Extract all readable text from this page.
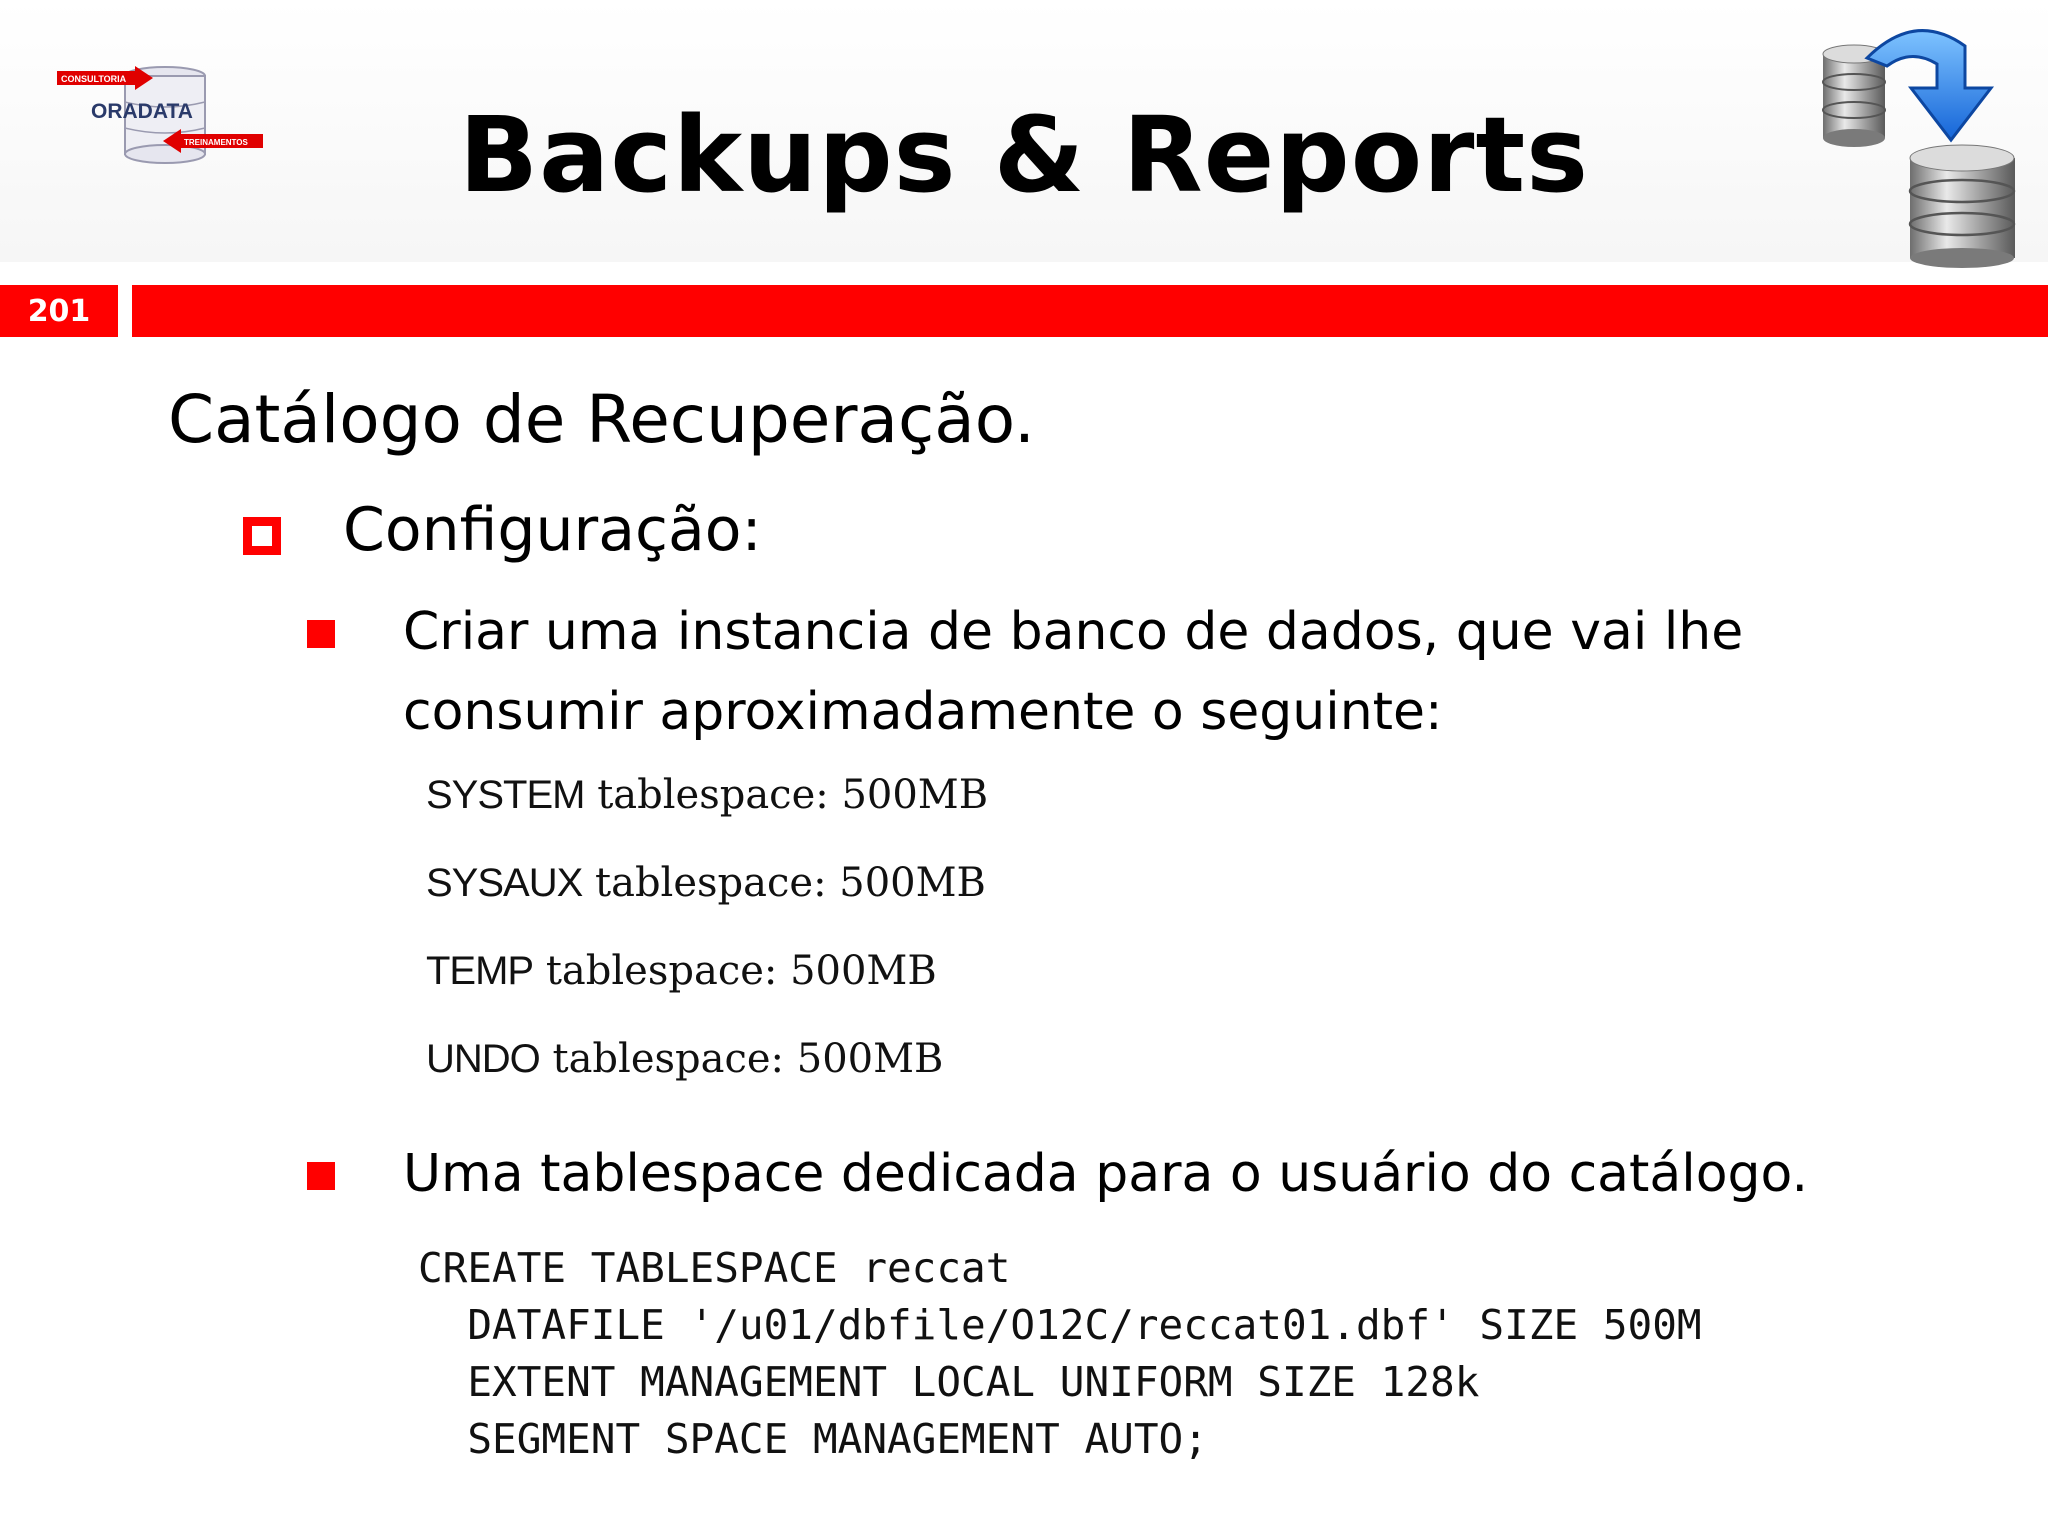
CONSULTORIA
ORADATA
TREINAMENTOS	Backups & Reports
201
Catálogo de Recuperação.
Configuração:
Criar uma instancia de banco de dados, que vai lhe consumir aproximadamente o seguinte:
SYSTEM tablespace: 500MB
SYSAUX tablespace: 500MB
TEMP tablespace: 500MB
UNDO tablespace: 500MB
Uma tablespace dedicada para o usuário do catálogo.
CREATE TABLESPACE reccat
DATAFILE '/u01/dbfile/O12C/reccat01.dbf' SIZE 500M
EXTENT MANAGEMENT LOCAL UNIFORM SIZE 128k
SEGMENT SPACE MANAGEMENT AUTO;
